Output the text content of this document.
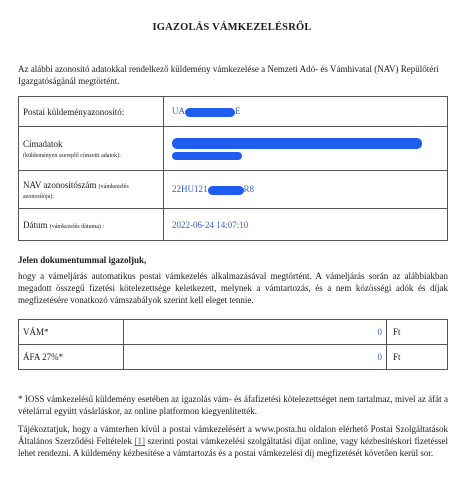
IGAZOLÁS VÁMKEZELÉSRŐL
Az alábbi azonosító adatokkal rendelkező küldemény vámkezelése a Nemzeti Adó- és Vámhivatal (NAV) Repülőtéri Igazgatóságánál megtörtént.
Postai küldeményazonosító:	UA E
Címadatok
(küldeményen szereplő címzetti adatok):	

NAV azonosítószám (vámkezelés azonosítója):	22HU121 R8
Dátum (vámkezelés dátuma) :	2022-06-24 14:07:10
Jelen dokumentummal igazoljuk,
hogy a vámeljárás automatikus postai vámkezelés alkalmazásával megtörtént. A vámeljárás során az alábbiakban megadott összegű fizetési kötelezettsége keletkezett, melynek a vámtartozás, és a nem közösségi adók és díjak megfizetésére vonatkozó vámszabályok szerint kell eleget tennie.
VÁM*	0	Ft
ÁFA 27%*	0	Ft
* IOSS vámkezelésű küldemény esetében az igazolás vám- és áfafizetési kötelezettséget nem tartalmaz, mivel az áfát a vételárral együtt vásárláskor, az online platformon kiegyenlítették.
Tájékoztatjuk, hogy a vámterhen kívül a postai vámkezelésért a www.posta.hu oldalon elérhető Postai Szolgáltatások Általános Szerződési Feltételek [1] szerinti postai vámkezelési szolgáltatási díjat online, vagy kézbesítéskori fizetéssel lehet rendezni. A küldemény kézbesítése a vámtartozás és a postai vámkezelési díj megfizetését követően kerül sor.
